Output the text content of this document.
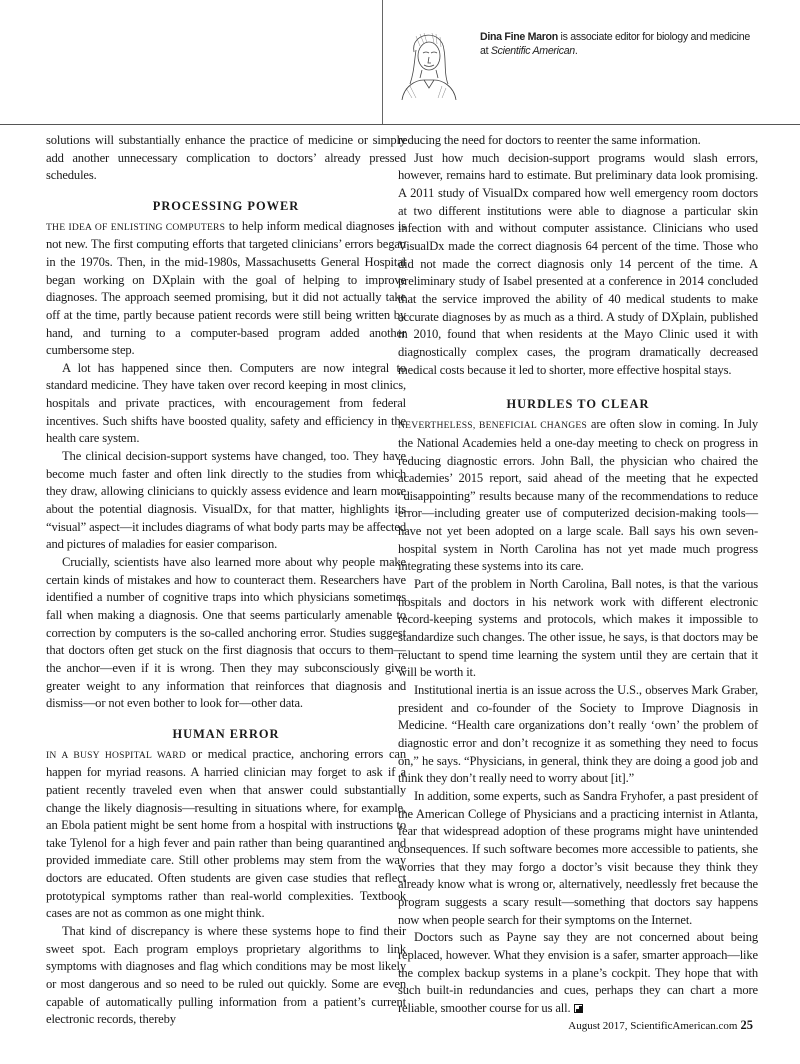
Dina Fine Maron is associate editor for biology and medicine
at Scientific American.

solutions will substantially enhance the practice of medicine or simply add another unnecessary complication to doctors’ already pressed schedules.

PROCESSING POWER

THE IDEA OF ENLISTING COMPUTERS to help inform medical diagnoses is not new. The first computing efforts that targeted clinicians’ errors began in the 1970s. Then, in the mid-1980s, Massachusetts General Hospital began working on DXplain with the goal of helping to improve diagnoses. The approach seemed promising, but it did not actually take off at the time, partly because patient records were still being written by hand, and turning to a computer-based program added another cumbersome step.

A lot has happened since then. Computers are now integral to standard medicine. They have taken over record keeping in most clinics, hospitals and private practices, with encouragement from federal incentives. Such shifts have boosted quality, safety and efficiency in the health care system.

The clinical decision-support systems have changed, too. They have become much faster and often link directly to the studies from which they draw, allowing clinicians to quickly assess evidence and learn more about the potential diagnosis. VisualDx, for that matter, highlights its “visual” aspect—it includes diagrams of what body parts may be affected and pictures of maladies for easier comparison.

Crucially, scientists have also learned more about why people make certain kinds of mistakes and how to counteract them. Researchers have identified a number of cognitive traps into which physicians sometimes fall when making a diagnosis. One that seems particularly amenable to correction by computers is the so-called anchoring error. Studies suggest that doctors often get stuck on the first diagnosis that occurs to them—the anchor—even if it is wrong. Then they may subconsciously give greater weight to any information that reinforces that diagnosis and dismiss—or not even bother to look for—other data.

HUMAN ERROR

IN A BUSY HOSPITAL WARD or medical practice, anchoring errors can happen for myriad reasons. A harried clinician may forget to ask if a patient recently traveled even when that answer could substantially change the likely diagnosis—resulting in situations where, for example, an Ebola patient might be sent home from a hospital with instructions to take Tylenol for a high fever and pain rather than being quarantined and provided immediate care. Still other problems may stem from the way doctors are educated. Often students are given case studies that reflect prototypical symptoms rather than real-world complexities. Textbook cases are not as common as one might think.

That kind of discrepancy is where these systems hope to find their sweet spot. Each program employs proprietary algorithms to link symptoms with diagnoses and flag which conditions may be most likely or most dangerous and so need to be ruled out quickly. Some are even capable of automatically pulling information from a patient’s current electronic records, thereby

reducing the need for doctors to reenter the same information.

Just how much decision-support programs would slash errors, however, remains hard to estimate. But preliminary data look promising. A 2011 study of VisualDx compared how well emergency room doctors at two different institutions were able to diagnose a particular skin infection with and without computer assistance. Clinicians who used VisualDx made the correct diagnosis 64 percent of the time. Those who did not made the correct diagnosis only 14 percent of the time. A preliminary study of Isabel presented at a conference in 2014 concluded that the service improved the ability of 40 medical students to make accurate diagnoses by as much as a third. A study of DXplain, published in 2010, found that when residents at the Mayo Clinic used it with diagnostically complex cases, the program dramatically decreased medical costs because it led to shorter, more effective hospital stays.

HURDLES TO CLEAR

NEVERTHELESS, BENEFICIAL CHANGES are often slow in coming. In July the National Academies held a one-day meeting to check on progress in reducing diagnostic errors. John Ball, the physician who chaired the academies’ 2015 report, said ahead of the meeting that he expected “disappointing” results because many of the recommendations to reduce error—including greater use of computerized decision-making tools—have not yet been adopted on a large scale. Ball says his own seven-hospital system in North Carolina has not yet made much progress integrating these systems into its care.

Part of the problem in North Carolina, Ball notes, is that the various hospitals and doctors in his network work with different electronic record-keeping systems and protocols, which makes it impossible to standardize such changes. The other issue, he says, is that doctors may be reluctant to spend time learning the system until they are certain that it will be worth it.

Institutional inertia is an issue across the U.S., observes Mark Graber, president and co-founder of the Society to Improve Diagnosis in Medicine. “Health care organizations don’t really ‘own’ the problem of diagnostic error and don’t recognize it as something they need to focus on,” he says. “Physicians, in general, think they are doing a good job and think they don’t really need to worry about [it].”

In addition, some experts, such as Sandra Fryhofer, a past president of the American College of Physicians and a practicing internist in Atlanta, fear that widespread adoption of these programs might have unintended consequences. If such software becomes more accessible to patients, she worries that they may forgo a doctor’s visit because they think they already know what is wrong or, alternatively, needlessly fret because the program suggests a scary result—something that doctors say happens now when people search for their symptoms on the Internet.

Doctors such as Payne say they are not concerned about being replaced, however. What they envision is a safer, smarter approach—like the complex backup systems in a plane’s cockpit. They hope that with such built-in redundancies and cues, perhaps they can chart a more reliable, smoother course for us all.

August 2017, ScientificAmerican.com 25
